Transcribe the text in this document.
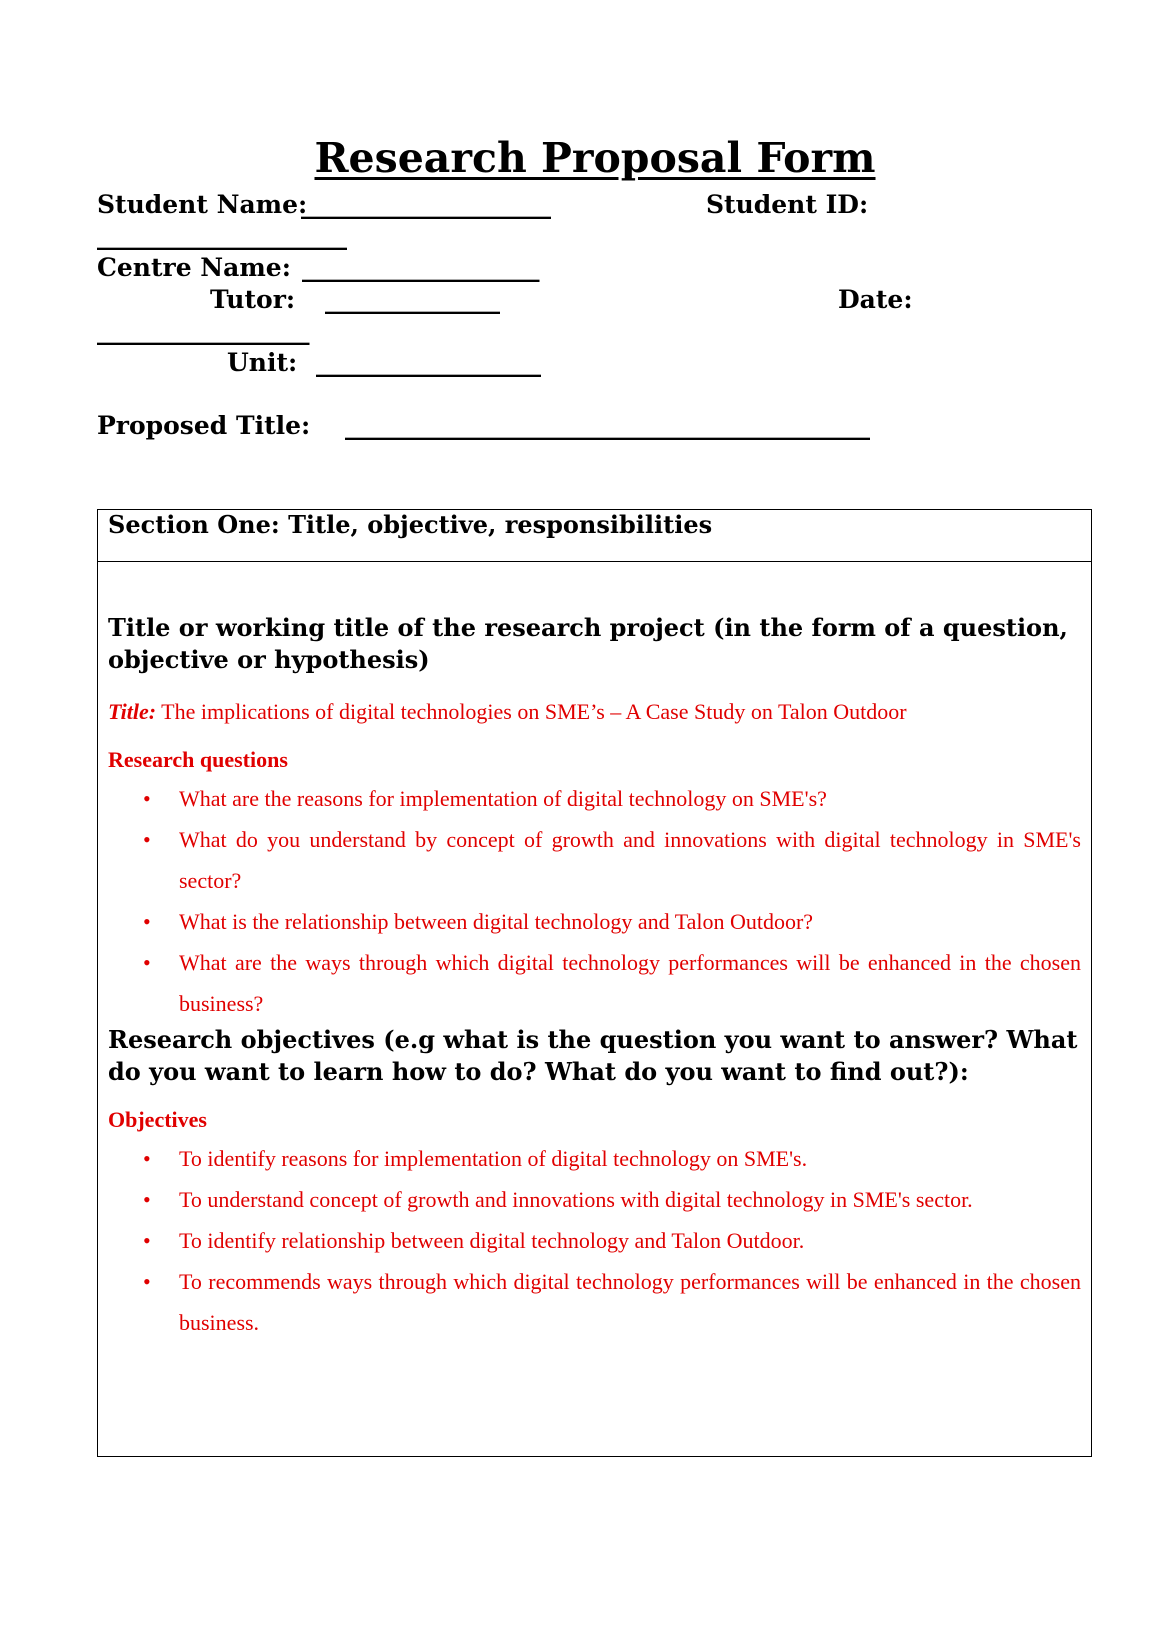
Research Proposal Form
Student Name:
____________________	Student ID:
____________________
Centre Name: ___________________
Tutor: ______________	Date:
_________________
Unit: __________________
Proposed Title: __________________________________________
Section One: Title, objective, responsibilities
Title or working title of the research project (in the form of a question, objective or hypothesis)
Title: The implications of digital technologies on SME’s – A Case Study on Talon Outdoor
Research questions
• What are the reasons for implementation of digital technology on SME's?
• What do you understand by concept of growth and innovations with digital technology in SME's sector?
• What is the relationship between digital technology and Talon Outdoor?
• What are the ways through which digital technology performances will be enhanced in the chosen business?
Research objectives (e.g what is the question you want to answer? What do you want to learn how to do? What do you want to find out?):
Objectives
• To identify reasons for implementation of digital technology on SME's.
• To understand concept of growth and innovations with digital technology in SME's sector.
• To identify relationship between digital technology and Talon Outdoor.
• To recommends ways through which digital technology performances will be enhanced in the chosen business.
